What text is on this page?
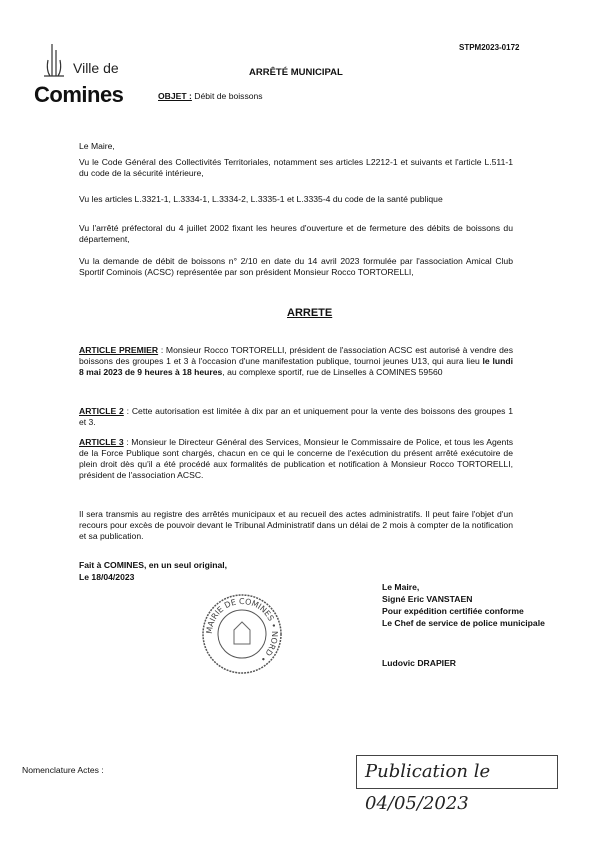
Ville de
Comines
STPM2023-0172
ARRÊTÉ MUNICIPAL
OBJET : Débit de boissons
Le Maire,
Vu le Code Général des Collectivités Territoriales, notamment ses articles L2212-1 et suivants et l'article L.511-1 du code de la sécurité intérieure,
Vu les articles L.3321-1, L.3334-1, L.3334-2, L.3335-1 et L.3335-4 du code de la santé publique
Vu l'arrêté préfectoral du 4 juillet 2002 fixant les heures d'ouverture et de fermeture des débits de boissons du département,
Vu la demande de débit de boissons n° 2/10 en date du 14 avril 2023 formulée par l'association Amical Club Sportif Cominois (ACSC) représentée par son président Monsieur Rocco TORTORELLI,
ARRETE
ARTICLE PREMIER : Monsieur Rocco TORTORELLI, président de l'association ACSC est autorisé à vendre des boissons des groupes 1 et 3 à l'occasion d'une manifestation publique, tournoi jeunes U13, qui aura lieu le lundi 8 mai 2023 de 9 heures à 18 heures, au complexe sportif, rue de Linselles à COMINES 59560
ARTICLE 2 : Cette autorisation est limitée à dix par an et uniquement pour la vente des boissons des groupes 1 et 3.
ARTICLE 3 : Monsieur le Directeur Général des Services, Monsieur le Commissaire de Police, et tous les Agents de la Force Publique sont chargés, chacun en ce qui le concerne de l'exécution du présent arrêté exécutoire de plein droit dès qu'il a été procédé aux formalités de publication et notification à Monsieur Rocco TORTORELLI, président de l'association ACSC.
Il sera transmis au registre des arrêtés municipaux et au recueil des actes administratifs. Il peut faire l'objet d'un recours pour excès de pouvoir devant le Tribunal Administratif dans un délai de 2 mois à compter de la notification et sa publication.
Fait à COMINES, en un seul original,
Le 18/04/2023
Le Maire,
Signé Eric VANSTAEN
Pour expédition certifiée conforme
Le Chef de service de police municipale
Ludovic DRAPIER
MAIRIE DE COMINES • NORD •
Nomenclature Actes :	Publication le 04/05/2023
